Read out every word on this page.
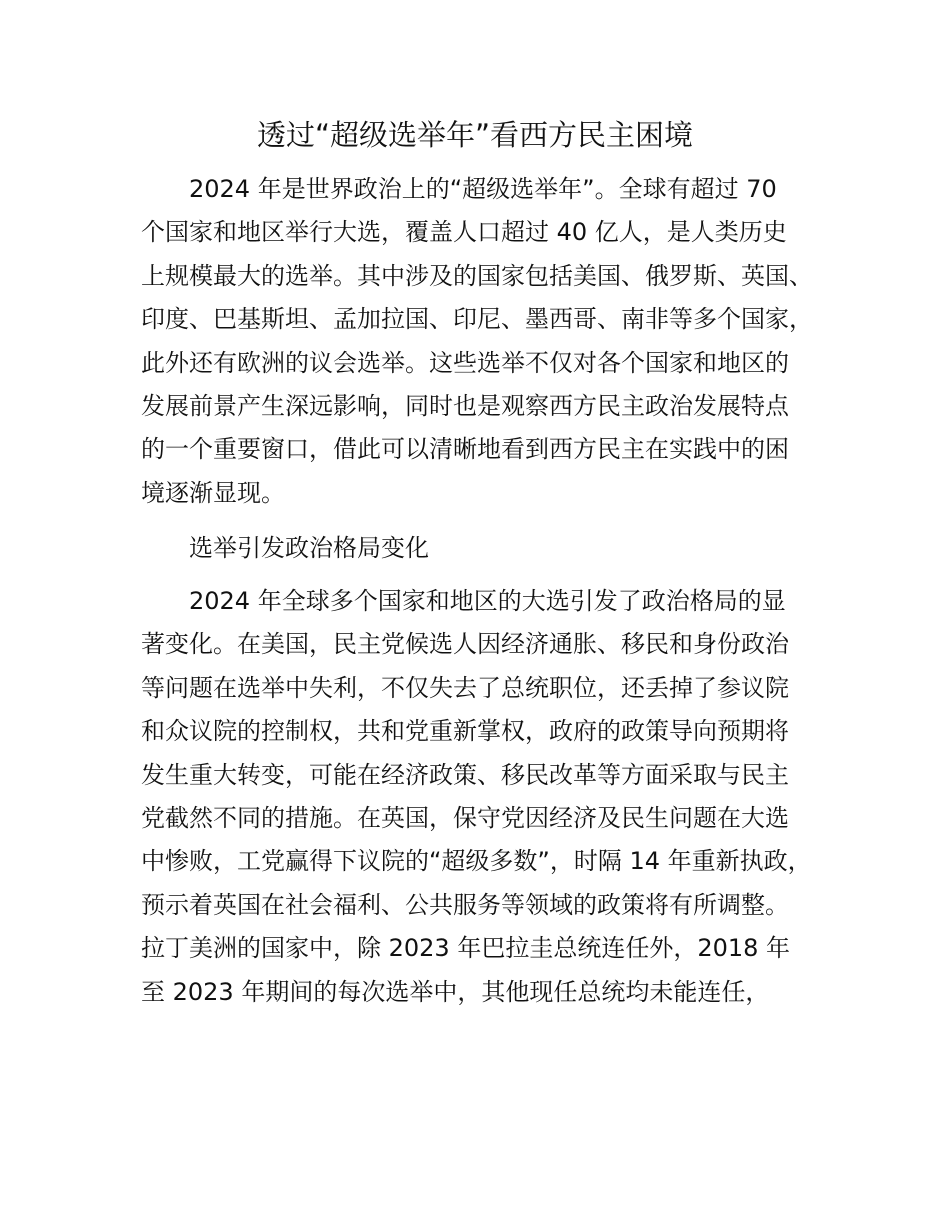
透过“超级选举年”看西方民主困境
2024 年是世界政治上的“超级选举年”。全球有超过 70
个国家和地区举行大选，覆盖人口超过 40 亿人，是人类历史
上规模最大的选举。其中涉及的国家包括美国、俄罗斯、英国、
印度、巴基斯坦、孟加拉国、印尼、墨西哥、南非等多个国家，
此外还有欧洲的议会选举。这些选举不仅对各个国家和地区的
发展前景产生深远影响，同时也是观察西方民主政治发展特点
的一个重要窗口，借此可以清晰地看到西方民主在实践中的困
境逐渐显现。
选举引发政治格局变化
2024 年全球多个国家和地区的大选引发了政治格局的显
著变化。在美国，民主党候选人因经济通胀、移民和身份政治
等问题在选举中失利，不仅失去了总统职位，还丢掉了参议院
和众议院的控制权，共和党重新掌权，政府的政策导向预期将
发生重大转变，可能在经济政策、移民改革等方面采取与民主
党截然不同的措施。在英国，保守党因经济及民生问题在大选
中惨败，工党赢得下议院的“超级多数”，时隔 14 年重新执政，
预示着英国在社会福利、公共服务等领域的政策将有所调整。
拉丁美洲的国家中，除 2023 年巴拉圭总统连任外，2018 年
至 2023 年期间的每次选举中，其他现任总统均未能连任，
